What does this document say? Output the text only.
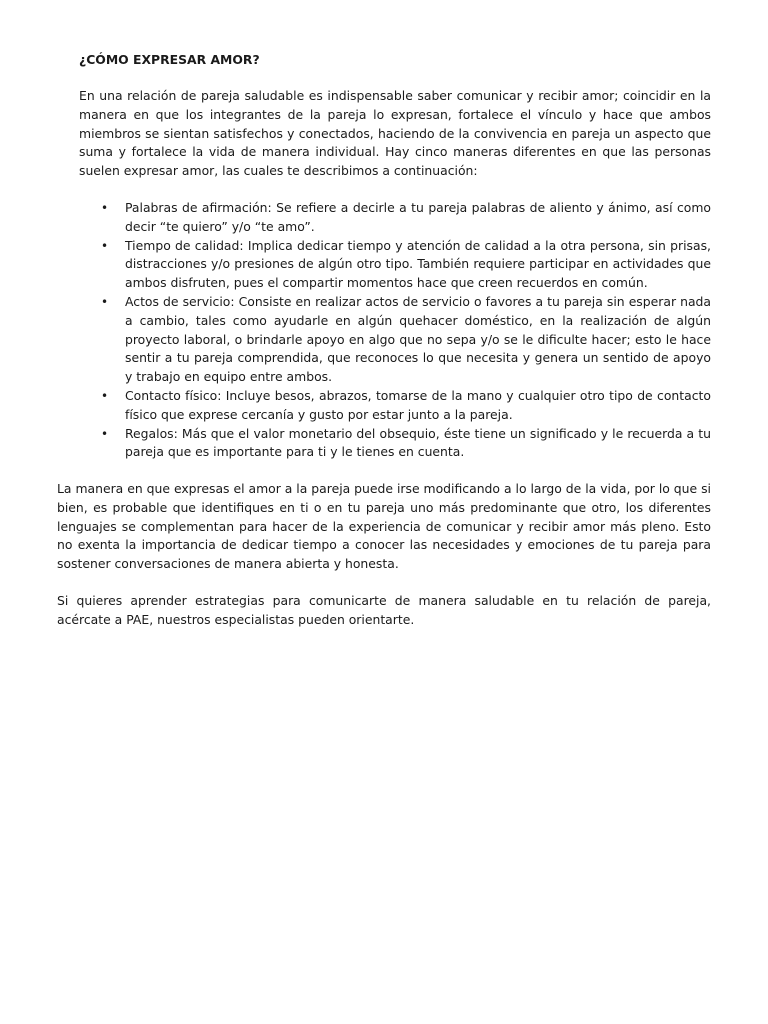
¿CÓMO EXPRESAR AMOR?

En una relación de pareja saludable es indispensable saber comunicar y recibir amor; coincidir en la manera en que los integrantes de la pareja lo expresan, fortalece el vínculo y hace que ambos miembros se sientan satisfechos y conectados, haciendo de la convivencia en pareja un aspecto que suma y fortalece la vida de manera individual. Hay cinco maneras diferentes en que las personas suelen expresar amor, las cuales te describimos a continuación:

• Palabras de afirmación: Se refiere a decirle a tu pareja palabras de aliento y ánimo, así como decir “te quiero” y/o “te amo”.
• Tiempo de calidad: Implica dedicar tiempo y atención de calidad a la otra persona, sin prisas, distracciones y/o presiones de algún otro tipo. También requiere participar en actividades que ambos disfruten, pues el compartir momentos hace que creen recuerdos en común.
• Actos de servicio: Consiste en realizar actos de servicio o favores a tu pareja sin esperar nada a cambio, tales como ayudarle en algún quehacer doméstico, en la realización de algún proyecto laboral, o brindarle apoyo en algo que no sepa y/o se le dificulte hacer; esto le hace sentir a tu pareja comprendida, que reconoces lo que necesita y genera un sentido de apoyo y trabajo en equipo entre ambos.
• Contacto físico: Incluye besos, abrazos, tomarse de la mano y cualquier otro tipo de contacto físico que exprese cercanía y gusto por estar junto a la pareja.
• Regalos: Más que el valor monetario del obsequio, éste tiene un significado y le recuerda a tu pareja que es importante para ti y le tienes en cuenta.

La manera en que expresas el amor a la pareja puede irse modificando a lo largo de la vida, por lo que si bien, es probable que identifiques en ti o en tu pareja uno más predominante que otro, los diferentes lenguajes se complementan para hacer de la experiencia de comunicar y recibir amor más pleno. Esto no exenta la importancia de dedicar tiempo a conocer las necesidades y emociones de tu pareja para sostener conversaciones de manera abierta y honesta.

Si quieres aprender estrategias para comunicarte de manera saludable en tu relación de pareja, acércate a PAE, nuestros especialistas pueden orientarte.
